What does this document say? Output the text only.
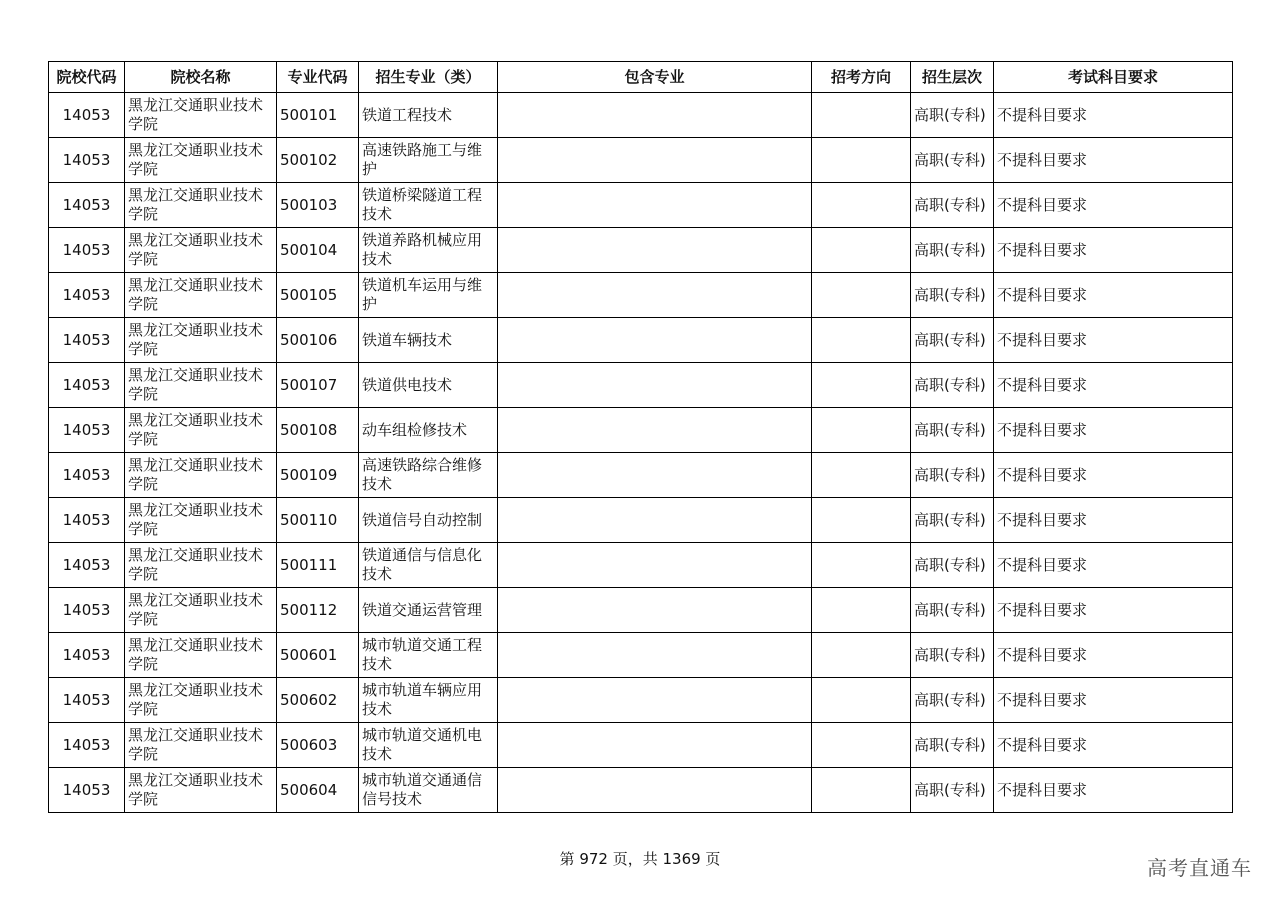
院校代码	院校名称	专业代码	招生专业（类）	包含专业	招考方向	招生层次	考试科目要求
14053	黑龙江交通职业技术学院	500101	铁道工程技术			高职(专科)	不提科目要求
14053	黑龙江交通职业技术学院	500102	高速铁路施工与维护			高职(专科)	不提科目要求
14053	黑龙江交通职业技术学院	500103	铁道桥梁隧道工程技术			高职(专科)	不提科目要求
14053	黑龙江交通职业技术学院	500104	铁道养路机械应用技术			高职(专科)	不提科目要求
14053	黑龙江交通职业技术学院	500105	铁道机车运用与维护			高职(专科)	不提科目要求
14053	黑龙江交通职业技术学院	500106	铁道车辆技术			高职(专科)	不提科目要求
14053	黑龙江交通职业技术学院	500107	铁道供电技术			高职(专科)	不提科目要求
14053	黑龙江交通职业技术学院	500108	动车组检修技术			高职(专科)	不提科目要求
14053	黑龙江交通职业技术学院	500109	高速铁路综合维修技术			高职(专科)	不提科目要求
14053	黑龙江交通职业技术学院	500110	铁道信号自动控制			高职(专科)	不提科目要求
14053	黑龙江交通职业技术学院	500111	铁道通信与信息化技术			高职(专科)	不提科目要求
14053	黑龙江交通职业技术学院	500112	铁道交通运营管理			高职(专科)	不提科目要求
14053	黑龙江交通职业技术学院	500601	城市轨道交通工程技术			高职(专科)	不提科目要求
14053	黑龙江交通职业技术学院	500602	城市轨道车辆应用技术			高职(专科)	不提科目要求
14053	黑龙江交通职业技术学院	500603	城市轨道交通机电技术			高职(专科)	不提科目要求
14053	黑龙江交通职业技术学院	500604	城市轨道交通通信信号技术			高职(专科)	不提科目要求
第 972 页，共 1369 页	高考直通车
